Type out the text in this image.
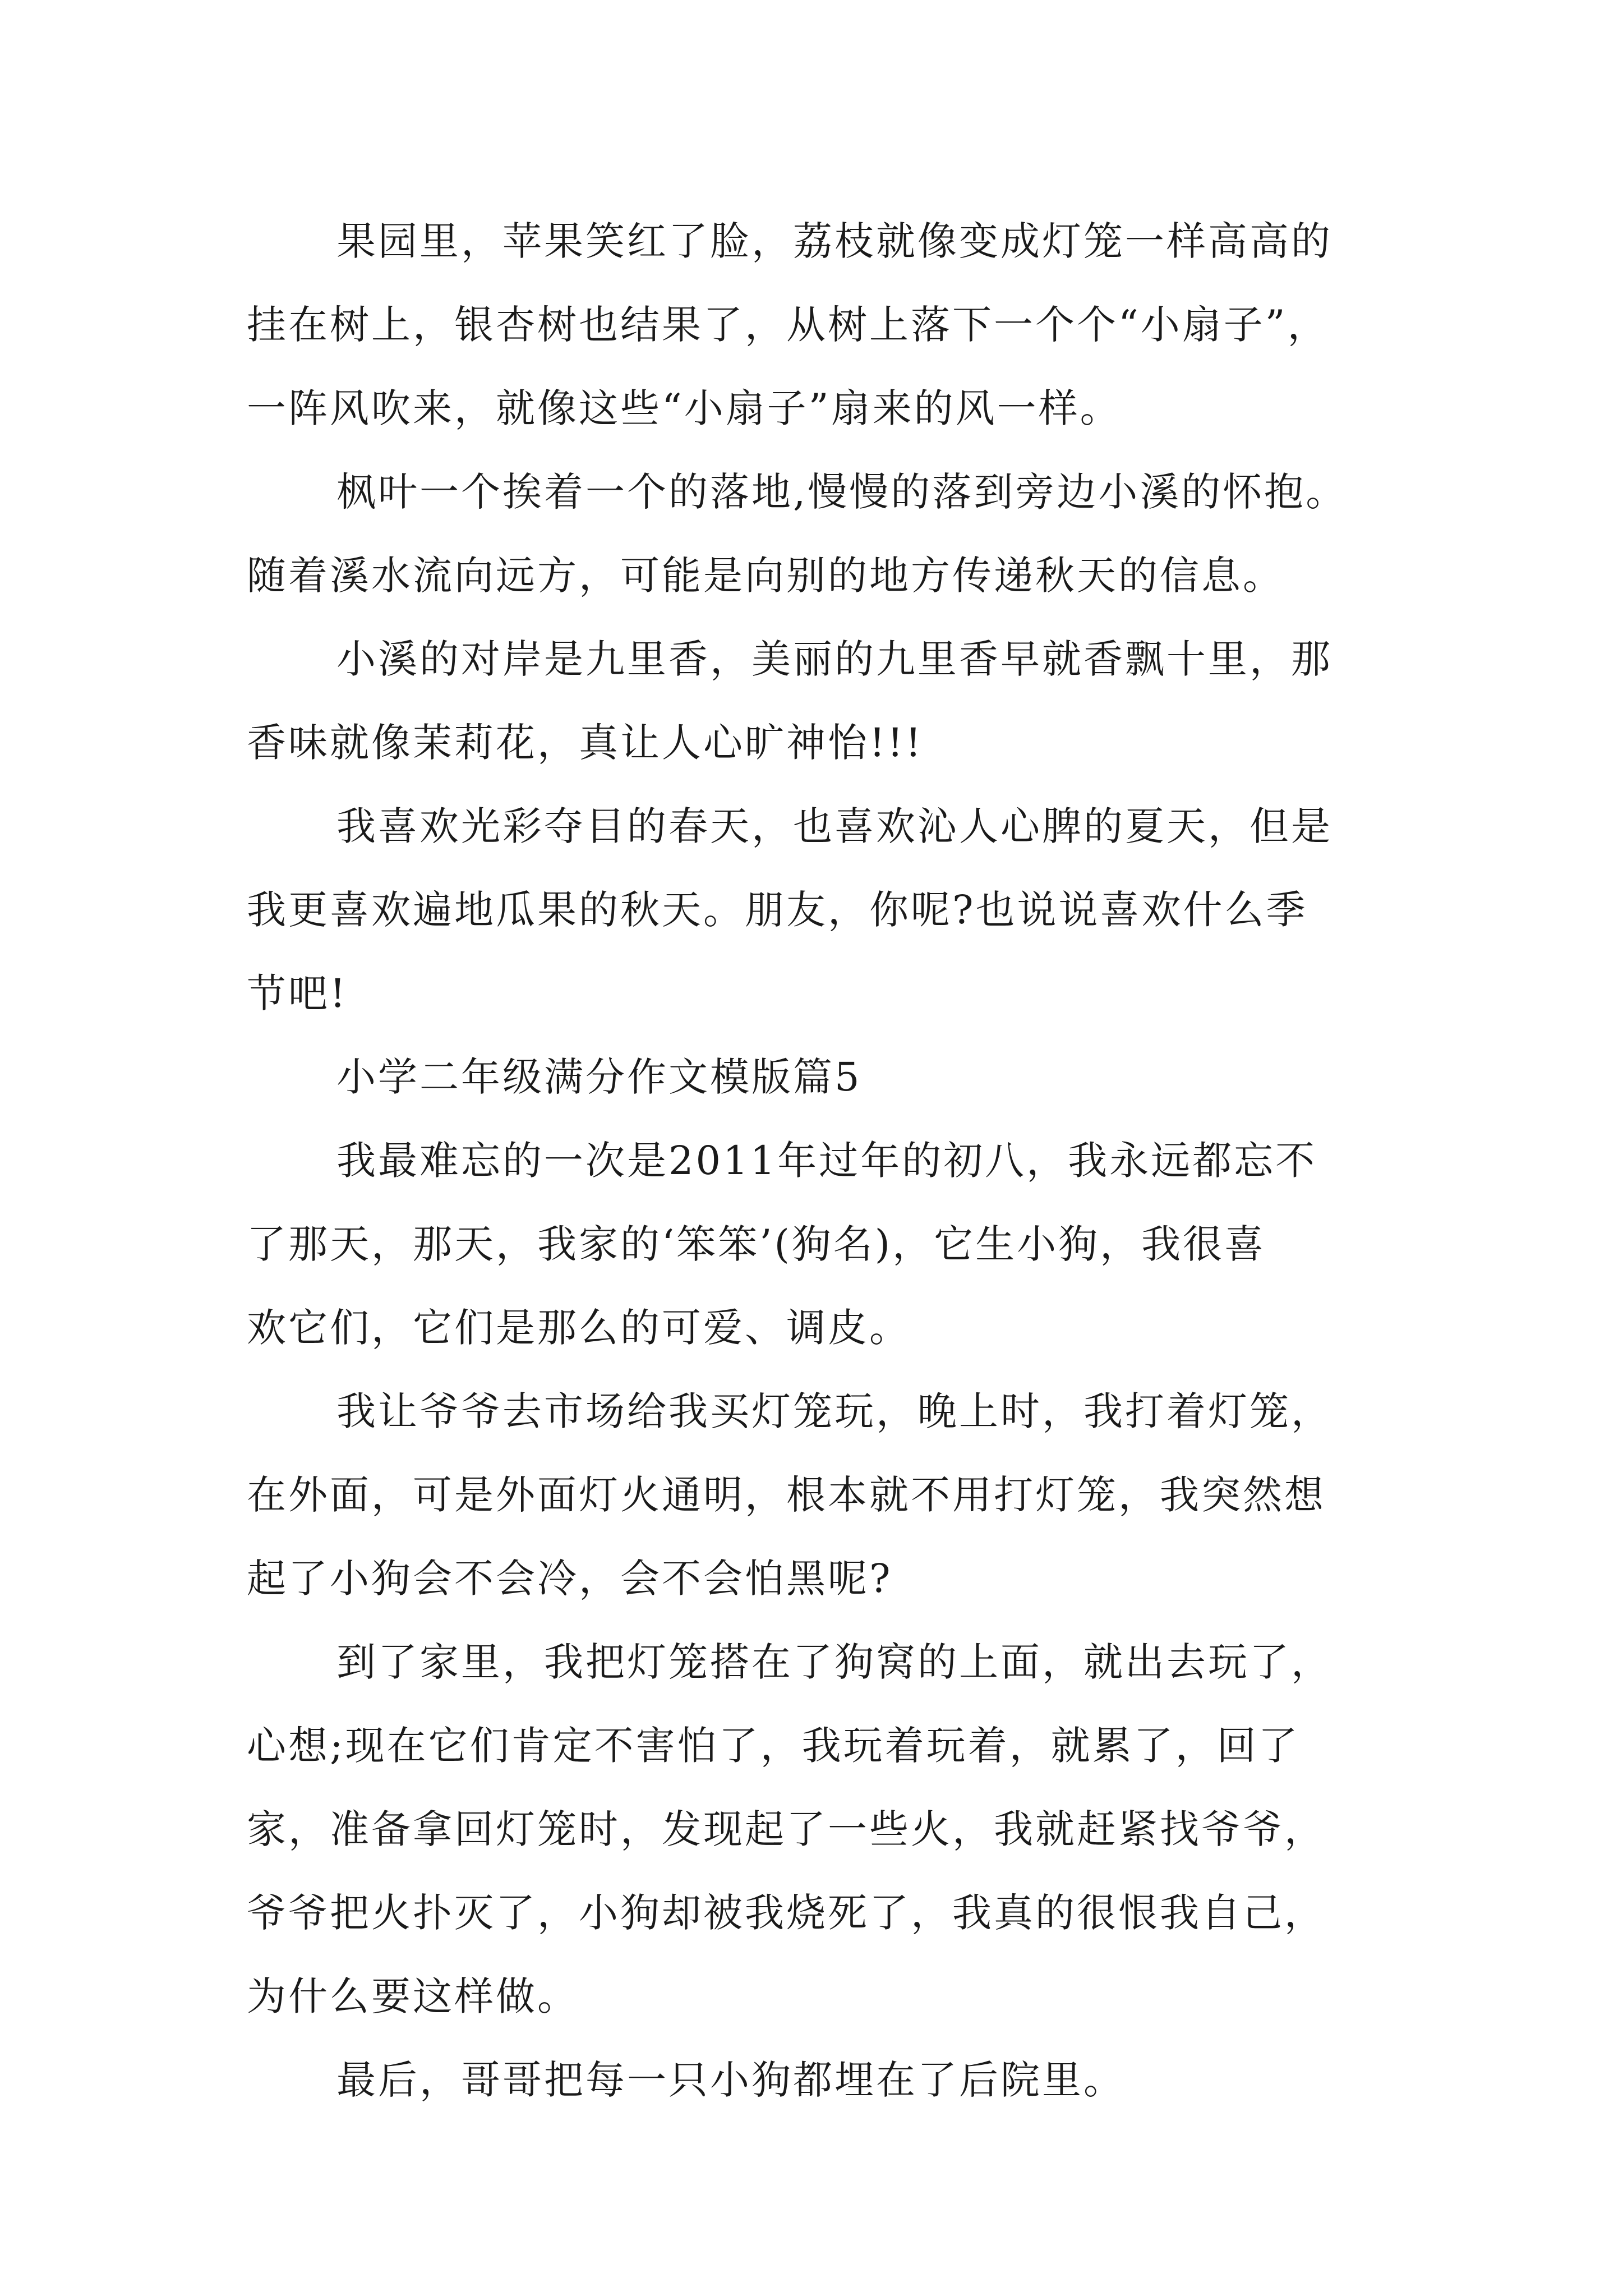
果园里，苹果笑红了脸，荔枝就像变成灯笼一样高高的
挂在树上，银杏树也结果了，从树上落下一个个“小扇子”，
一阵风吹来，就像这些“小扇子”扇来的风一样。
枫叶一个挨着一个的落地,慢慢的落到旁边小溪的怀抱。
随着溪水流向远方，可能是向别的地方传递秋天的信息。
小溪的对岸是九里香，美丽的九里香早就香飘十里，那
香味就像茉莉花，真让人心旷神怡!!!
我喜欢光彩夺目的春天，也喜欢沁人心脾的夏天，但是
我更喜欢遍地瓜果的秋天。朋友，你呢?也说说喜欢什么季
节吧!
小学二年级满分作文模版篇5
我最难忘的一次是2011年过年的初八，我永远都忘不
了那天，那天，我家的‘笨笨’(狗名)，它生小狗，我很喜
欢它们，它们是那么的可爱、调皮。
我让爷爷去市场给我买灯笼玩，晚上时，我打着灯笼，
在外面，可是外面灯火通明，根本就不用打灯笼，我突然想
起了小狗会不会冷，会不会怕黑呢?
到了家里，我把灯笼搭在了狗窝的上面，就出去玩了，
心想;现在它们肯定不害怕了，我玩着玩着，就累了，回了
家，准备拿回灯笼时，发现起了一些火，我就赶紧找爷爷，
爷爷把火扑灭了，小狗却被我烧死了，我真的很恨我自己，
为什么要这样做。
最后，哥哥把每一只小狗都埋在了后院里。
